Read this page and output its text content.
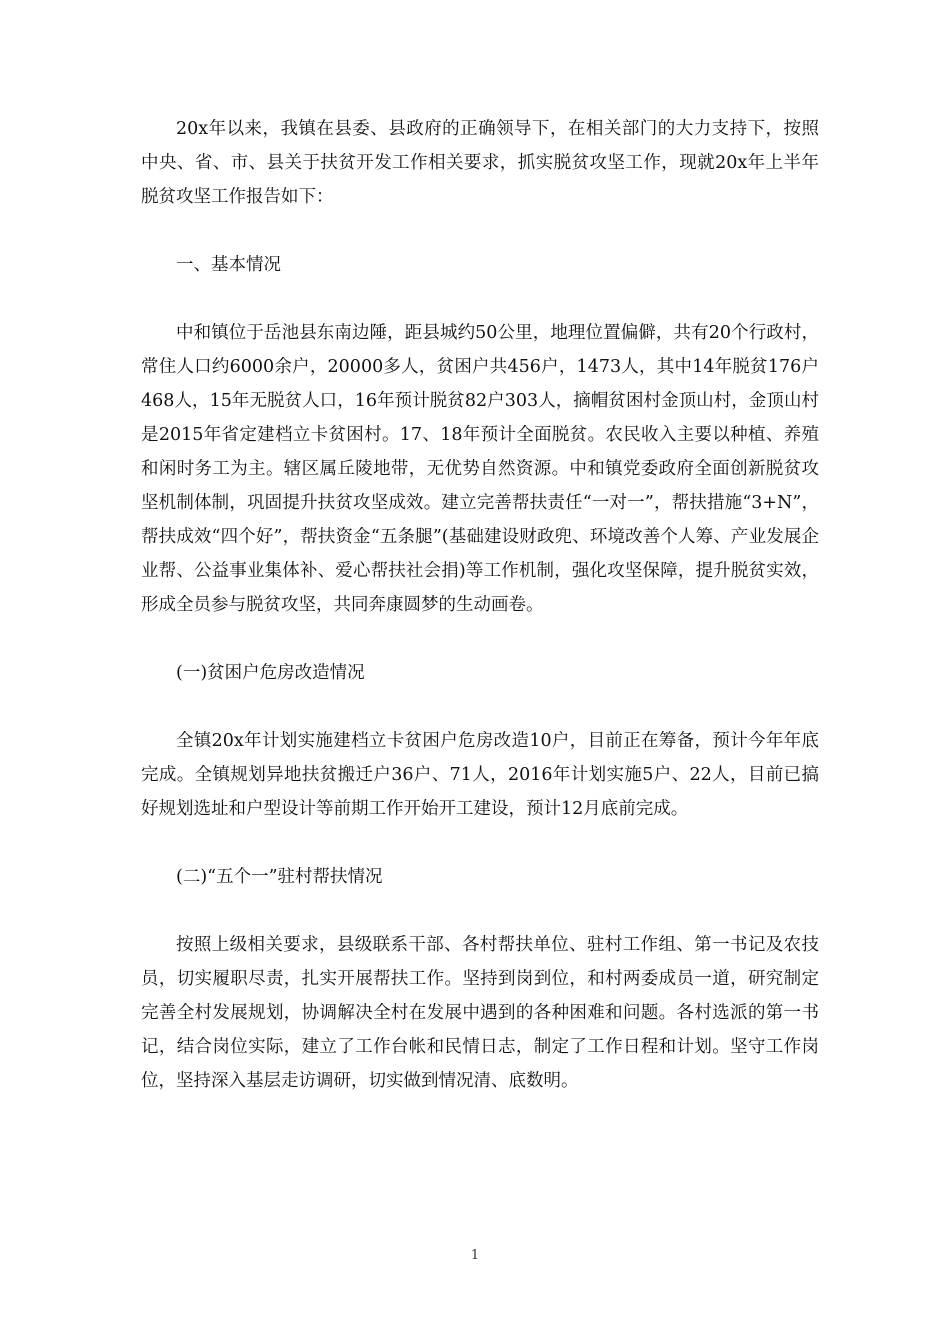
20x年以来，我镇在县委、县政府的正确领导下，在相关部门的大力支持下，按照中央、省、市、县关于扶贫开发工作相关要求，抓实脱贫攻坚工作，现就20x年上半年脱贫攻坚工作报告如下：

一、基本情况

中和镇位于岳池县东南边陲，距县城约50公里，地理位置偏僻，共有20个行政村，常住人口约6000余户，20000多人，贫困户共456户，1473人，其中14年脱贫176户468人，15年无脱贫人口，16年预计脱贫82户303人，摘帽贫困村金顶山村，金顶山村是2015年省定建档立卡贫困村。17、18年预计全面脱贫。农民收入主要以种植、养殖和闲时务工为主。辖区属丘陵地带，无优势自然资源。中和镇党委政府全面创新脱贫攻坚机制体制，巩固提升扶贫攻坚成效。建立完善帮扶责任“一对一”，帮扶措施“3+N”，帮扶成效“四个好”，帮扶资金“五条腿”(基础建设财政兜、环境改善个人筹、产业发展企业帮、公益事业集体补、爱心帮扶社会捐)等工作机制，强化攻坚保障，提升脱贫实效，形成全员参与脱贫攻坚，共同奔康圆梦的生动画卷。

(一)贫困户危房改造情况

全镇20x年计划实施建档立卡贫困户危房改造10户，目前正在筹备，预计今年年底完成。全镇规划异地扶贫搬迁户36户、71人，2016年计划实施5户、22人，目前已搞好规划选址和户型设计等前期工作开始开工建设，预计12月底前完成。

(二)“五个一”驻村帮扶情况

按照上级相关要求，县级联系干部、各村帮扶单位、驻村工作组、第一书记及农技员，切实履职尽责，扎实开展帮扶工作。坚持到岗到位，和村两委成员一道，研究制定完善全村发展规划，协调解决全村在发展中遇到的各种困难和问题。各村选派的第一书记，结合岗位实际，建立了工作台帐和民情日志，制定了工作日程和计划。坚守工作岗位，坚持深入基层走访调研，切实做到情况清、底数明。

1
